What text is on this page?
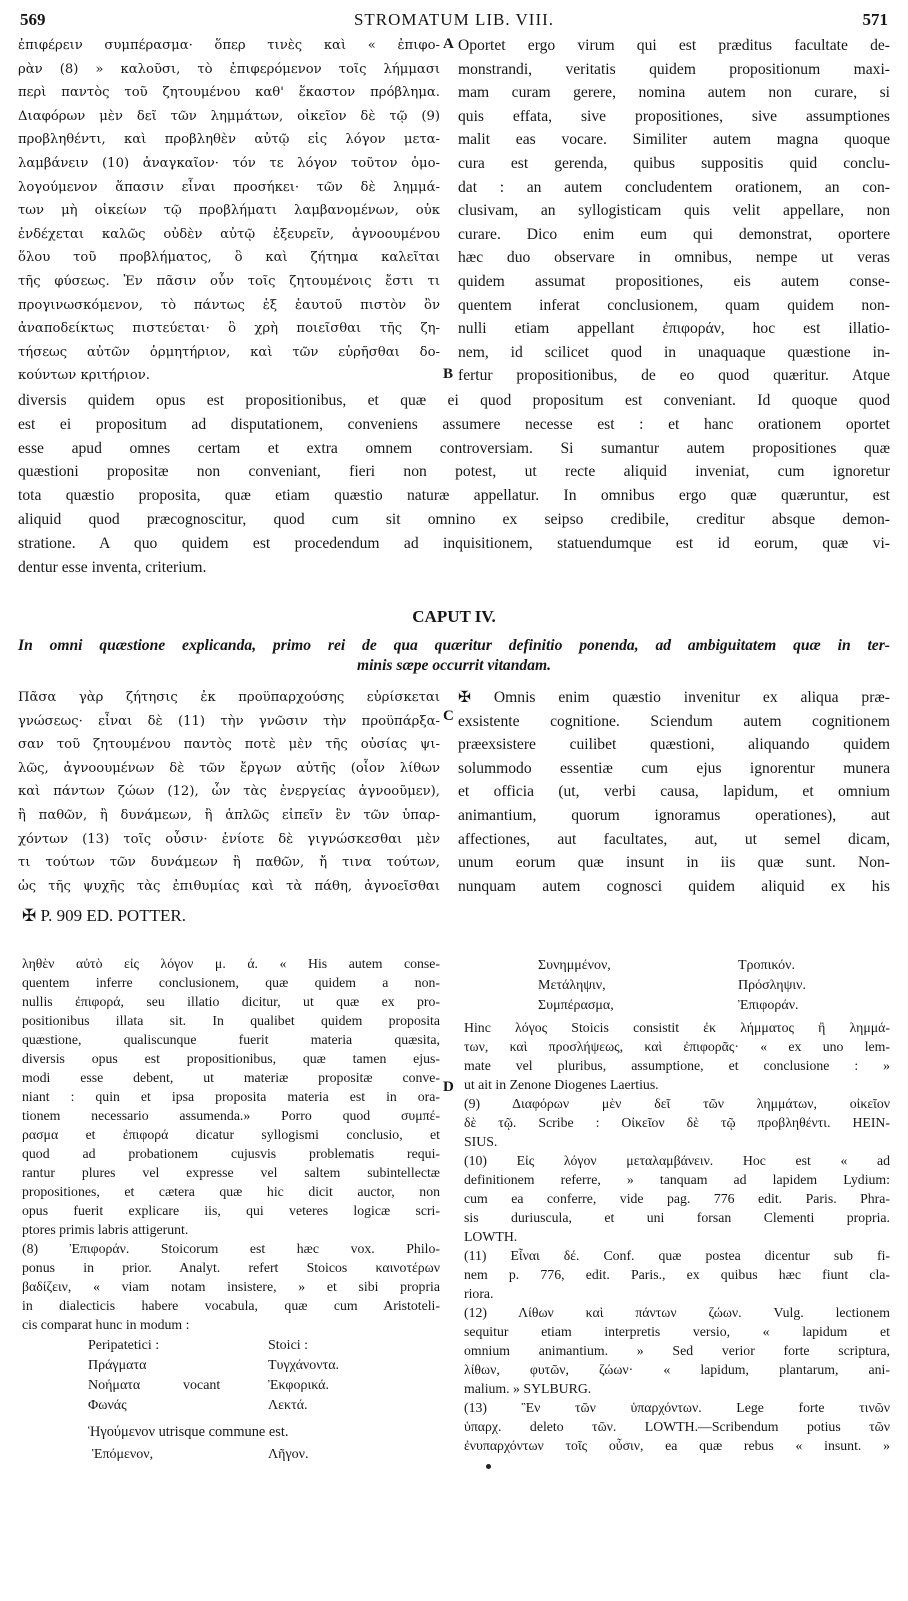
569	STROMATUM LIB. VIII.	571
ἐπιφέρειν συμπέρασμα· ὅπερ τινὲς καὶ « ἐπιφο-
ρὰν (8) » καλοῦσι, τὸ ἐπιφερόμενον τοῖς λήμμασι
περὶ παντὸς τοῦ ζητουμένου καθ' ἕκαστον πρόβλημα.
Διαφόρων μὲν δεῖ τῶν λημμάτων, οἰκεῖον δὲ τῷ (9)
προβληθέντι, καὶ προβληθὲν αὐτῷ εἰς λόγον μετα-
λαμβάνειν (10) ἀναγκαῖον· τόν τε λόγον τοῦτον ὁμο-
λογούμενον ἅπασιν εἶναι προσήκει· τῶν δὲ λημμά-
των μὴ οἰκείων τῷ προβλήματι λαμβανομένων, οὐκ
ἐνδέχεται καλῶς οὐδὲν αὐτῷ ἐξευρεῖν, ἀγνοουμένου
ὅλου τοῦ προβλήματος, ὃ καὶ ζήτημα καλεῖται
τῆς φύσεως. Ἐν πᾶσιν οὖν τοῖς ζητουμένοις ἔστι τι
προγινωσκόμενον, τὸ πάντως ἐξ ἑαυτοῦ πιστὸν ὂν
ἀναποδείκτως πιστεύεται· ὃ χρὴ ποιεῖσθαι τῆς ζη-
τήσεως αὐτῶν ὁρμητήριον, καὶ τῶν εὑρῆσθαι δο-
κούντων κριτήριον.
A
B
Oportet ergo virum qui est præditus facultate de-
monstrandi, veritatis quidem propositionum maxi-
mam curam gerere, nomina autem non curare, si
quis effata, sive propositiones, sive assumptiones
malit eas vocare. Similiter autem magna quoque
cura est gerenda, quibus suppositis quid conclu-
dat : an autem concludentem orationem, an con-
clusivam, an syllogisticam quis velit appellare, non
curare. Dico enim eum qui demonstrat, oportere
hæc duo observare in omnibus, nempe ut veras
quidem assumat propositiones, eis autem conse-
quentem inferat conclusionem, quam quidem non-
nulli etiam appellant ἐπιφοράν, hoc est illatio-
nem, id scilicet quod in unaquaque quæstione in-
fertur propositionibus, de eo quod quæritur. Atque
diversis quidem opus est propositionibus, et quæ ei quod propositum est conveniant. Id quoque quod
est ei propositum ad disputationem, conveniens assumere necesse est : et hanc orationem oportet
esse apud omnes certam et extra omnem controversiam. Si sumantur autem propositiones quæ
quæstioni propositæ non conveniant, fieri non potest, ut recte aliquid inveniat, cum ignoretur
tota quæstio proposita, quæ etiam quæstio naturæ appellatur. In omnibus ergo quæ quæruntur, est
aliquid quod præcognoscitur, quod cum sit omnino ex seipso credibile, creditur absque demon-
stratione. A quo quidem est procedendum ad inquisitionem, statuendumque est id eorum, quæ vi-
dentur esse inventa, criterium.
CAPUT IV.
In omni quæstione explicanda, primo rei de qua quæritur definitio ponenda, ad ambiguitatem quæ in ter-
minis sæpe occurrit vitandam.
Πᾶσα γὰρ ζήτησις ἐκ προϋπαρχούσης εὑρίσκεται
γνώσεως· εἶναι δὲ (11) τὴν γνῶσιν τὴν προϋπάρξα-
σαν τοῦ ζητουμένου παντὸς ποτὲ μὲν τῆς οὐσίας ψι-
λῶς, ἀγνοουμένων δὲ τῶν ἔργων αὐτῆς (οἷον λίθων
καὶ πάντων ζώων (12), ὧν τὰς ἐνεργείας ἀγνοοῦμεν),
ἢ παθῶν, ἢ δυνάμεων, ἢ ἁπλῶς εἰπεῖν ἓν τῶν ὑπαρ-
χόντων (13) τοῖς οὖσιν· ἐνίοτε δὲ γιγνώσκεσθαι μὲν
τι τούτων τῶν δυνάμεων ἢ παθῶν, ἤ τινα τούτων,
ὡς τῆς ψυχῆς τὰς ἐπιθυμίας καὶ τὰ πάθη, ἀγνοεῖσθαι
C
✠ Omnis enim quæstio invenitur ex aliqua præ-
exsistente cognitione. Sciendum autem cognitionem
præexsistere cuilibet quæstioni, aliquando quidem
solummodo essentiæ cum ejus ignorentur munera
et officia (ut, verbi causa, lapidum, et omnium
animantium, quorum ignoramus operationes), aut
affectiones, aut facultates, aut, ut semel dicam,
unum eorum quæ insunt in iis quæ sunt. Non-
nunquam autem cognosci quidem aliquid ex his
✠ P. 909 ED. POTTER.
ληθὲν αὐτὸ εἰς λόγον μ. ά. « His autem conse-
quentem inferre conclusionem, quæ quidem a non-
nullis ἐπιφορά, seu illatio dicitur, ut quæ ex pro-
positionibus illata sit. In qualibet quidem proposita
quæstione, qualiscunque fuerit materia quæsita,
diversis opus est propositionibus, quæ tamen ejus-
modi esse debent, ut materiæ propositæ conve-
niant : quin et ipsa proposita materia est in ora-
tionem necessario assumenda.» Porro quod συμπέ-
ρασμα et ἐπιφορά dicatur syllogismi conclusio, et
quod ad probationem cujusvis problematis requi-
rantur plures vel expresse vel saltem subintellectæ
propositiones, et cætera quæ hic dicit auctor, non
opus fuerit explicare iis, qui veteres logicæ scri-
ptores primis labris attigerunt.
(8) Ἐπιφοράν. Stoicorum est hæc vox. Philo-
ponus in prior. Analyt. refert Stoicos καινοτέρων
βαδίζειν, « viam notam insistere, » et sibi propria
in dialecticis habere vocabula, quæ cum Aristoteli-
cis comparat hunc in modum :
Peripatetici :	Stoici :
Πράγματα	Τυγχάνοντα.
Νοήματα	vocant	Ἐκφορικά.
Φωνάς	Λεκτά.
Ἡγούμενον utrisque commune est.
Ἑπόμενον,	Λῆγον.
Συνημμένον,	Τροπικόν.
Μετάληψιν,	Πρόσληψιν.
Συμπέρασμα,	Ἐπιφοράν.
D
Hinc λόγος Stoicis consistit ἐκ λήμματος ἢ λημμά-
των, καὶ προσλήψεως, καὶ ἐπιφορᾶς· « ex uno lem-
mate vel pluribus, assumptione, et conclusione : »
ut ait in Zenone Diogenes Laertius.
(9) Διαφόρων μὲν δεῖ τῶν λημμάτων, οἰκεῖον
δὲ τῷ. Scribe : Οἰκεῖον δὲ τῷ προβληθέντι. HEIN-
SIUS.
(10) Εἰς λόγον μεταλαμβάνειν. Hoc est « ad
definitionem referre, » tanquam ad lapidem Lydium:
cum ea conferre, vide pag. 776 edit. Paris. Phra-
sis duriuscula, et uni forsan Clementi propria.
LOWTH.
(11) Εἶναι δέ. Conf. quæ postea dicentur sub fi-
nem p. 776, edit. Paris., ex quibus hæc fiunt cla-
riora.
(12) Λίθων καὶ πάντων ζώων. Vulg. lectionem
sequitur etiam interpretis versio, « lapidum et
omnium animantium. » Sed verior forte scriptura,
λίθων, φυτῶν, ζώων· « lapidum, plantarum, ani-
malium. » SYLBURG.
(13) Ἓν τῶν ὑπαρχόντων. Lege forte τινῶν
ὑπαρχ. deleto τῶν. LOWTH.—Scribendum potius τῶν
ἐνυπαρχόντων τοῖς οὖσιν, ea quæ rebus « insunt. »
